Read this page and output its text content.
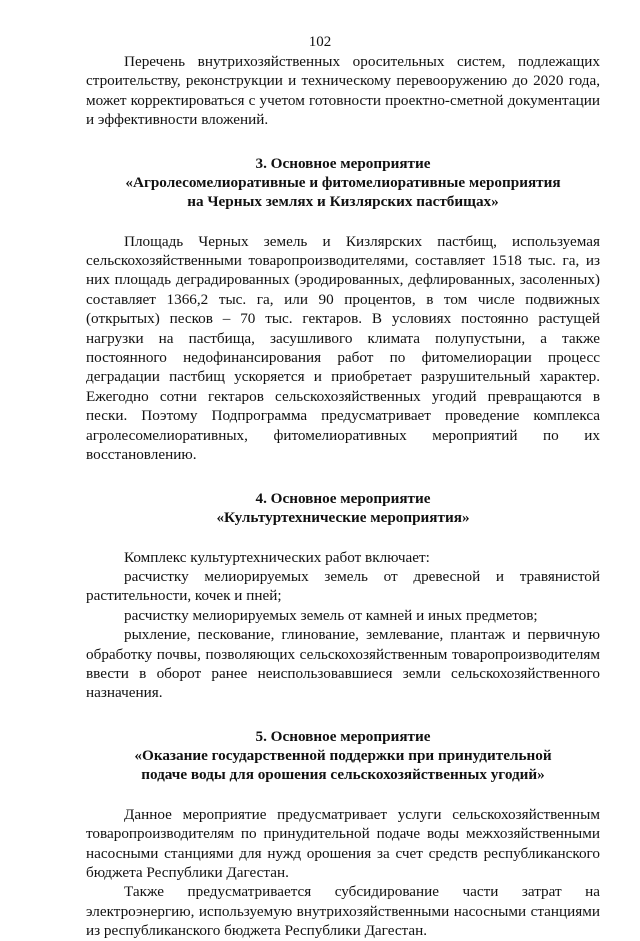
102

Перечень внутрихозяйственных оросительных систем, подлежащих строительству, реконструкции и техническому перевооружению до 2020 года, может корректироваться с учетом готовности проектно-сметной документации и эффективности вложений.

3. Основное мероприятие
«Агролесомелиоративные и фитомелиоративные мероприятия
на Черных землях и Кизлярских пастбищах»

Площадь Черных земель и Кизлярских пастбищ, используемая сельскохозяйственными товаропроизводителями, составляет 1518 тыс. га, из них площадь деградированных (эродированных, дефлированных, засоленных) составляет 1366,2 тыс. га, или 90 процентов, в том числе подвижных (открытых) песков – 70 тыс. гектаров. В условиях постоянно растущей нагрузки на пастбища, засушливого климата полупустыни, а также постоянного недофинансирования работ по фитомелиорации процесс деградации пастбищ ускоряется и приобретает разрушительный характер. Ежегодно сотни гектаров сельскохозяйственных угодий превращаются в пески. Поэтому Подпрограмма предусматривает проведение комплекса агролесомелиоративных, фитомелиоративных мероприятий по их восстановлению.

4. Основное мероприятие
«Культуртехнические мероприятия»

Комплекс культуртехнических работ включает:

расчистку мелиорируемых земель от древесной и травянистой растительности, кочек и пней;

расчистку мелиорируемых земель от камней и иных предметов;

рыхление, пескование, глинование, землевание, плантаж и первичную обработку почвы, позволяющих сельскохозяйственным товаропроизводителям ввести в оборот ранее неиспользовавшиеся земли сельскохозяйственного назначения.

5. Основное мероприятие
«Оказание государственной поддержки при принудительной
подаче воды для орошения сельскохозяйственных угодий»

Данное мероприятие предусматривает услуги сельскохозяйственным товаропроизводителям по принудительной подаче воды межхозяйственными насосными станциями для нужд орошения за счет средств республиканского бюджета Республики Дагестан.

Также предусматривается субсидирование части затрат на электроэнергию, используемую внутрихозяйственными насосными станциями из республиканского бюджета Республики Дагестан.
